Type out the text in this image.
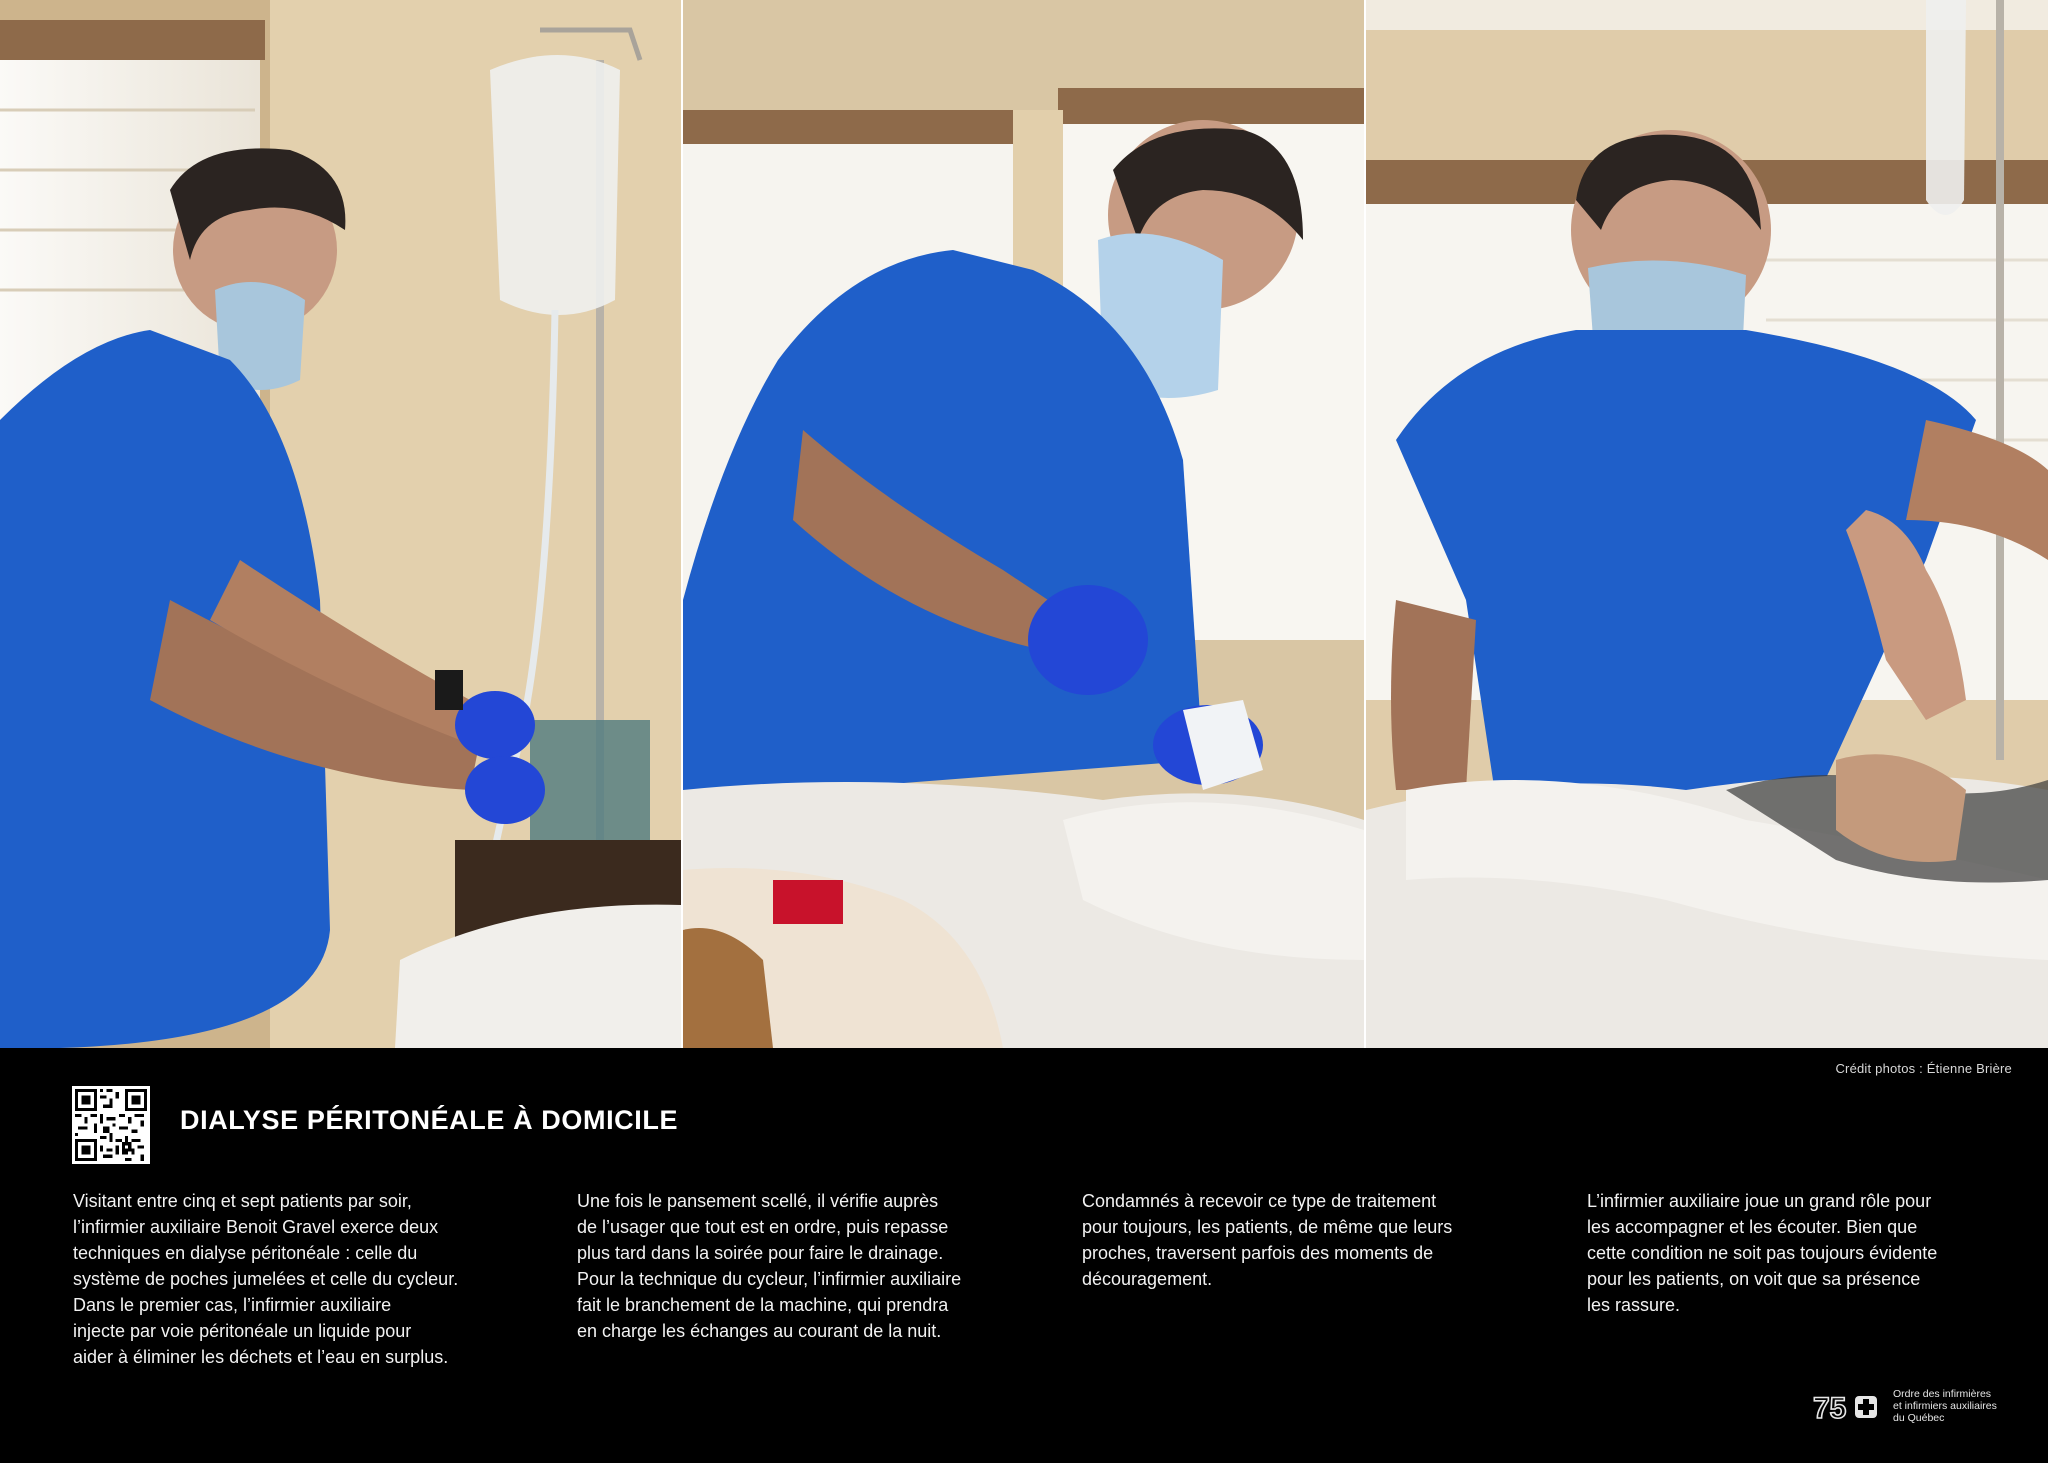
Crédit photos : Étienne Brière
DIALYSE PÉRITONÉALE À DOMICILE
Visitant entre cinq et sept patients par soir,
l’infirmier auxiliaire Benoit Gravel exerce deux
techniques en dialyse péritonéale : celle du
système de poches jumelées et celle du cycleur.
Dans le premier cas, l’infirmier auxiliaire
injecte par voie péritonéale un liquide pour
aider à éliminer les déchets et l’eau en surplus.
Une fois le pansement scellé, il vérifie auprès
de l’usager que tout est en ordre, puis repasse
plus tard dans la soirée pour faire le drainage.
Pour la technique du cycleur, l’infirmier auxiliaire
fait le branchement de la machine, qui prendra
en charge les échanges au courant de la nuit.
Condamnés à recevoir ce type de traitement
pour toujours, les patients, de même que leurs
proches, traversent parfois des moments de
découragement.
L’infirmier auxiliaire joue un grand rôle pour
les accompagner et les écouter. Bien que
cette condition ne soit pas toujours évidente
pour les patients, on voit que sa présence
les rassure.
75	Ordre des infirmières
et infirmiers auxiliaires
du Québec
